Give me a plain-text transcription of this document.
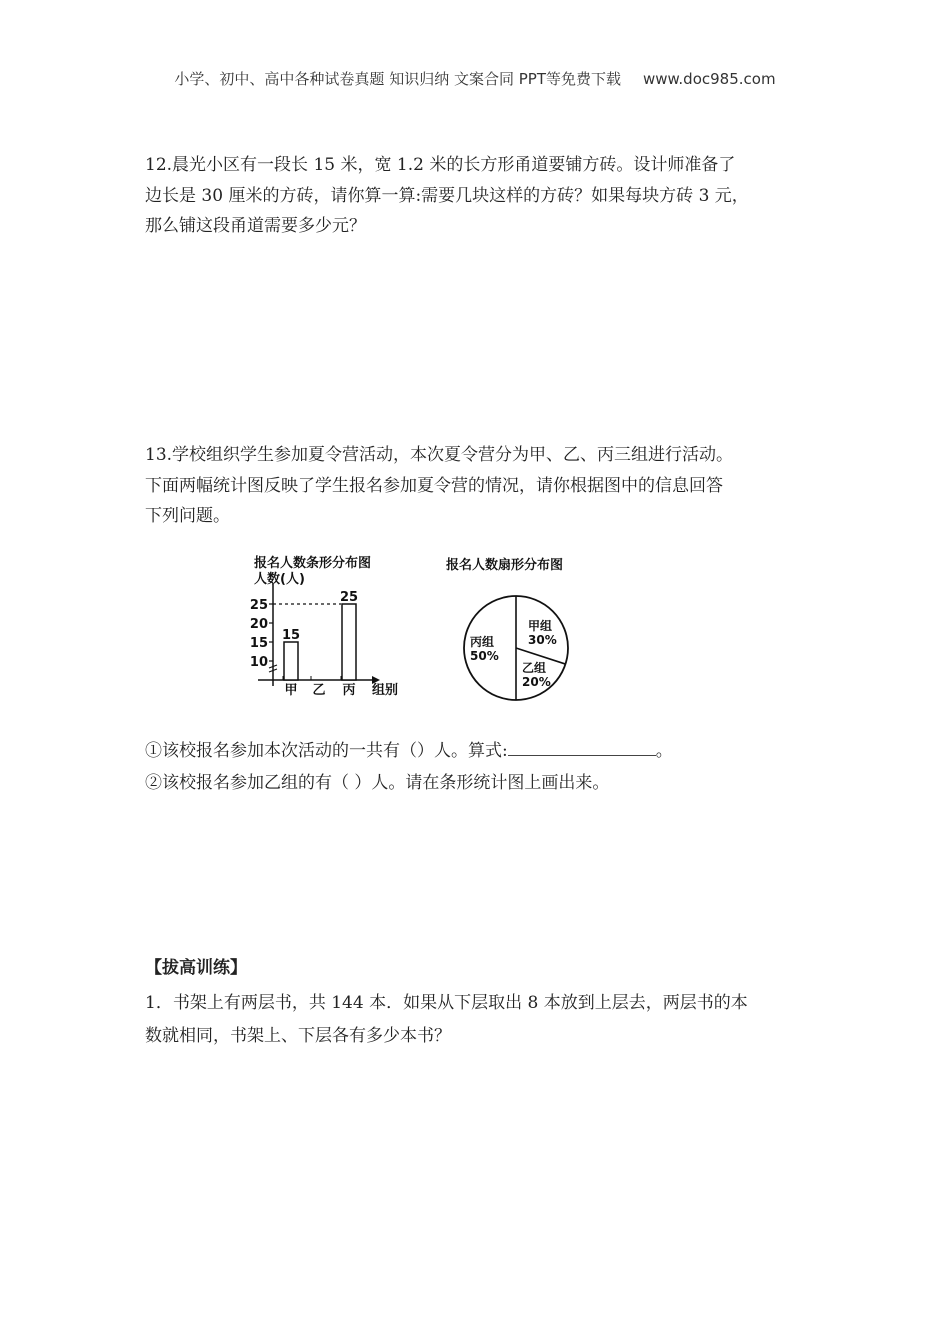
小学、初中、高中各种试卷真题 知识归纳 文案合同 PPT等免费下载 www.doc985.com
12.晨光小区有一段长 15 米，宽 1.2 米的长方形甬道要铺方砖。设计师准备了
边长是 30 厘米的方砖，请你算一算:需要几块这样的方砖？如果每块方砖 3 元，
那么铺这段甬道需要多少元？
13.学校组织学生参加夏令营活动，本次夏令营分为甲、乙、丙三组进行活动。
下面两幅统计图反映了学生报名参加夏令营的情况，请你根据图中的信息回答
下列问题。
报名人数条形分布图
人数(人)
10
15
20
25
15
甲 乙
25
丙 组别
报名人数扇形分布图
甲组
30%
乙组
20%
丙组
50%
①该校报名参加本次活动的一共有（）人。算式:	。
②该校报名参加乙组的有（ ）人。请在条形统计图上画出来。
【拔高训练】
1．书架上有两层书，共 144 本．如果从下层取出 8 本放到上层去，两层书的本
数就相同，书架上、下层各有多少本书？
